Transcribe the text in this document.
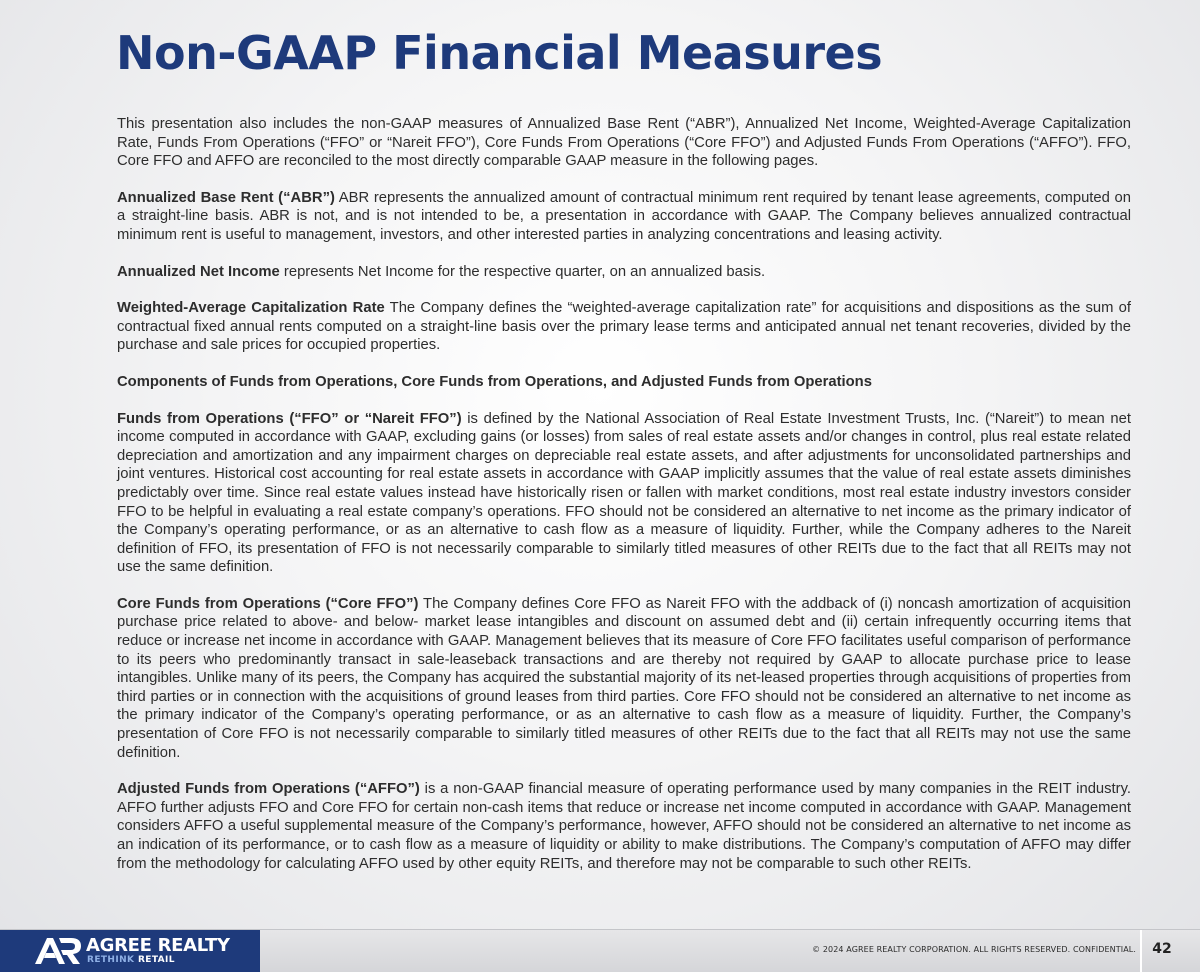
Non-GAAP Financial Measures

This presentation also includes the non-GAAP measures of Annualized Base Rent (“ABR”), Annualized Net Income, Weighted-Average Capitalization Rate, Funds From Operations (“FFO” or “Nareit FFO”), Core Funds From Operations (“Core FFO”) and Adjusted Funds From Operations (“AFFO”). FFO, Core FFO and AFFO are reconciled to the most directly comparable GAAP measure in the following pages.

Annualized Base Rent (“ABR”) ABR represents the annualized amount of contractual minimum rent required by tenant lease agreements, computed on a straight-line basis. ABR is not, and is not intended to be, a presentation in accordance with GAAP. The Company believes annualized contractual minimum rent is useful to management, investors, and other interested parties in analyzing concentrations and leasing activity.

Annualized Net Income represents Net Income for the respective quarter, on an annualized basis.

Weighted-Average Capitalization Rate The Company defines the “weighted-average capitalization rate” for acquisitions and dispositions as the sum of contractual fixed annual rents computed on a straight-line basis over the primary lease terms and anticipated annual net tenant recoveries, divided by the purchase and sale prices for occupied properties.

Components of Funds from Operations, Core Funds from Operations, and Adjusted Funds from Operations

Funds from Operations (“FFO” or “Nareit FFO”) is defined by the National Association of Real Estate Investment Trusts, Inc. (“Nareit”) to mean net income computed in accordance with GAAP, excluding gains (or losses) from sales of real estate assets and/or changes in control, plus real estate related depreciation and amortization and any impairment charges on depreciable real estate assets, and after adjustments for unconsolidated partnerships and joint ventures. Historical cost accounting for real estate assets in accordance with GAAP implicitly assumes that the value of real estate assets diminishes predictably over time. Since real estate values instead have historically risen or fallen with market conditions, most real estate industry investors consider FFO to be helpful in evaluating a real estate company’s operations. FFO should not be considered an alternative to net income as the primary indicator of the Company’s operating performance, or as an alternative to cash flow as a measure of liquidity. Further, while the Company adheres to the Nareit definition of FFO, its presentation of FFO is not necessarily comparable to similarly titled measures of other REITs due to the fact that all REITs may not use the same definition.

Core Funds from Operations (“Core FFO”) The Company defines Core FFO as Nareit FFO with the addback of (i) noncash amortization of acquisition purchase price related to above- and below- market lease intangibles and discount on assumed debt and (ii) certain infrequently occurring items that reduce or increase net income in accordance with GAAP. Management believes that its measure of Core FFO facilitates useful comparison of performance to its peers who predominantly transact in sale-leaseback transactions and are thereby not required by GAAP to allocate purchase price to lease intangibles. Unlike many of its peers, the Company has acquired the substantial majority of its net-leased properties through acquisitions of properties from third parties or in connection with the acquisitions of ground leases from third parties. Core FFO should not be considered an alternative to net income as the primary indicator of the Company’s operating performance, or as an alternative to cash flow as a measure of liquidity. Further, the Company’s presentation of Core FFO is not necessarily comparable to similarly titled measures of other REITs due to the fact that all REITs may not use the same definition.

Adjusted Funds from Operations (“AFFO”) is a non-GAAP financial measure of operating performance used by many companies in the REIT industry. AFFO further adjusts FFO and Core FFO for certain non-cash items that reduce or increase net income computed in accordance with GAAP. Management considers AFFO a useful supplemental measure of the Company’s performance, however, AFFO should not be considered an alternative to net income as an indication of its performance, or to cash flow as a measure of liquidity or ability to make distributions. The Company’s computation of AFFO may differ from the methodology for calculating AFFO used by other equity REITs, and therefore may not be comparable to such other REITs.

AGREE REALTY
RETHINK RETAIL
© 2024 AGREE REALTY CORPORATION. ALL RIGHTS RESERVED. CONFIDENTIAL.	42
